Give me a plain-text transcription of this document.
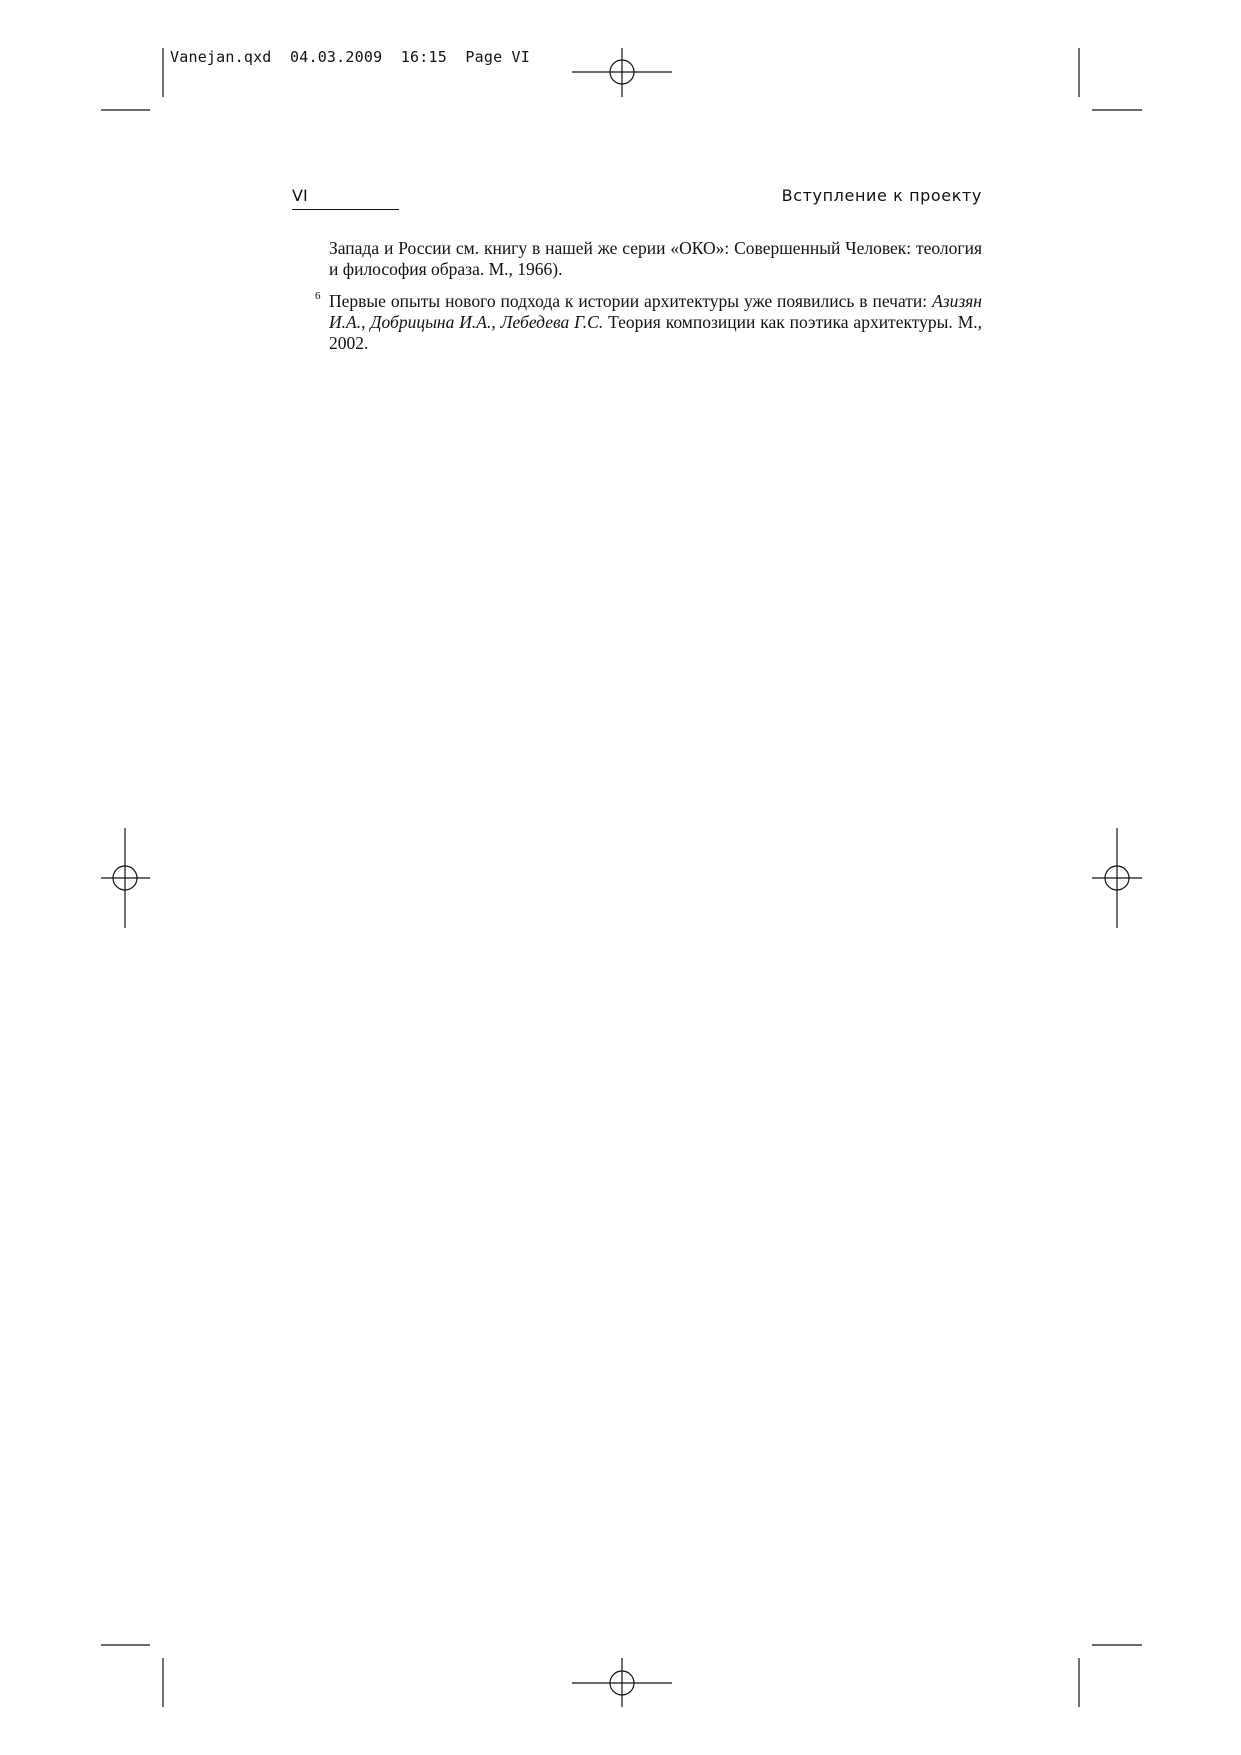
Vanejan.qxd  04.03.2009  16:15  Page VI
VI	Вступление к проекту

Запада и России см. книгу в нашей же серии «ОКО»: Совершенный Человек: теология и философия образа. М., 1966).

6 Первые опыты нового подхода к истории архитектуры уже появились в печати: Азизян И.А., Добрицына И.А., Лебедева Г.С. Теория композиции как поэтика архитектуры. М., 2002.
